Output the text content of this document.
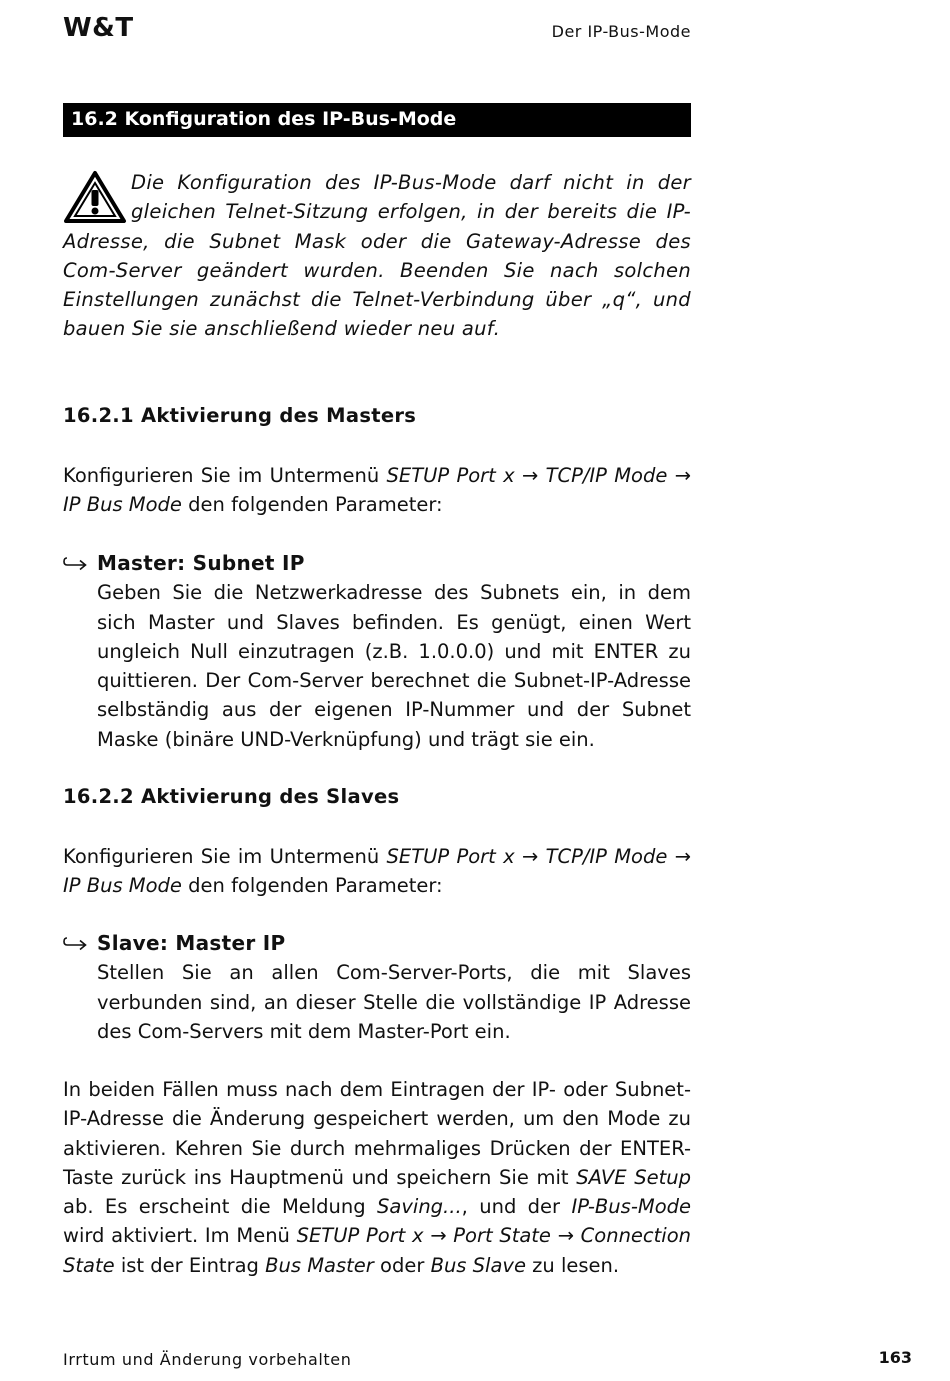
W&T	Der IP-Bus-Mode
16.2 Konfiguration des IP-Bus-Mode
Die Konfiguration des IP-Bus-Mode darf nicht in der gleichen Telnet-Sitzung erfolgen, in der bereits die IP-Adresse, die Subnet Mask oder die Gateway-Adresse des Com-Server geändert wurden. Beenden Sie nach solchen Einstellungen zunächst die Telnet-Verbindung über „q“, und bauen Sie sie anschließend wieder neu auf.
16.2.1 Aktivierung des Masters
Konfigurieren Sie im Untermenü SETUP Port x → TCP/IP Mode → IP Bus Mode den folgenden Parameter:
Master: Subnet IP
Geben Sie die Netzwerkadresse des Subnets ein, in dem sich Master und Slaves befinden. Es genügt, einen Wert ungleich Null einzutragen (z.B. 1.0.0.0) und mit ENTER zu quittieren. Der Com-Server berechnet die Subnet-IP-Adresse selbständig aus der eigenen IP-Nummer und der Subnet Maske (binäre UND-Verknüpfung) und trägt sie ein.
16.2.2 Aktivierung des Slaves
Konfigurieren Sie im Untermenü SETUP Port x → TCP/IP Mode → IP Bus Mode den folgenden Parameter:
Slave: Master IP
Stellen Sie an allen Com-Server-Ports, die mit Slaves verbunden sind, an dieser Stelle die vollständige IP Adresse des Com-Servers mit dem Master-Port ein.
In beiden Fällen muss nach dem Eintragen der IP- oder Subnet-IP-Adresse die Änderung gespeichert werden, um den Mode zu aktivieren. Kehren Sie durch mehrmaliges Drücken der ENTER-Taste zurück ins Hauptmenü und speichern Sie mit SAVE Setup ab. Es erscheint die Meldung Saving..., und der IP-Bus-Mode wird aktiviert. Im Menü SETUP Port x → Port State → Connection State ist der Eintrag Bus Master oder Bus Slave zu lesen.
Irrtum und Änderung vorbehalten	163
